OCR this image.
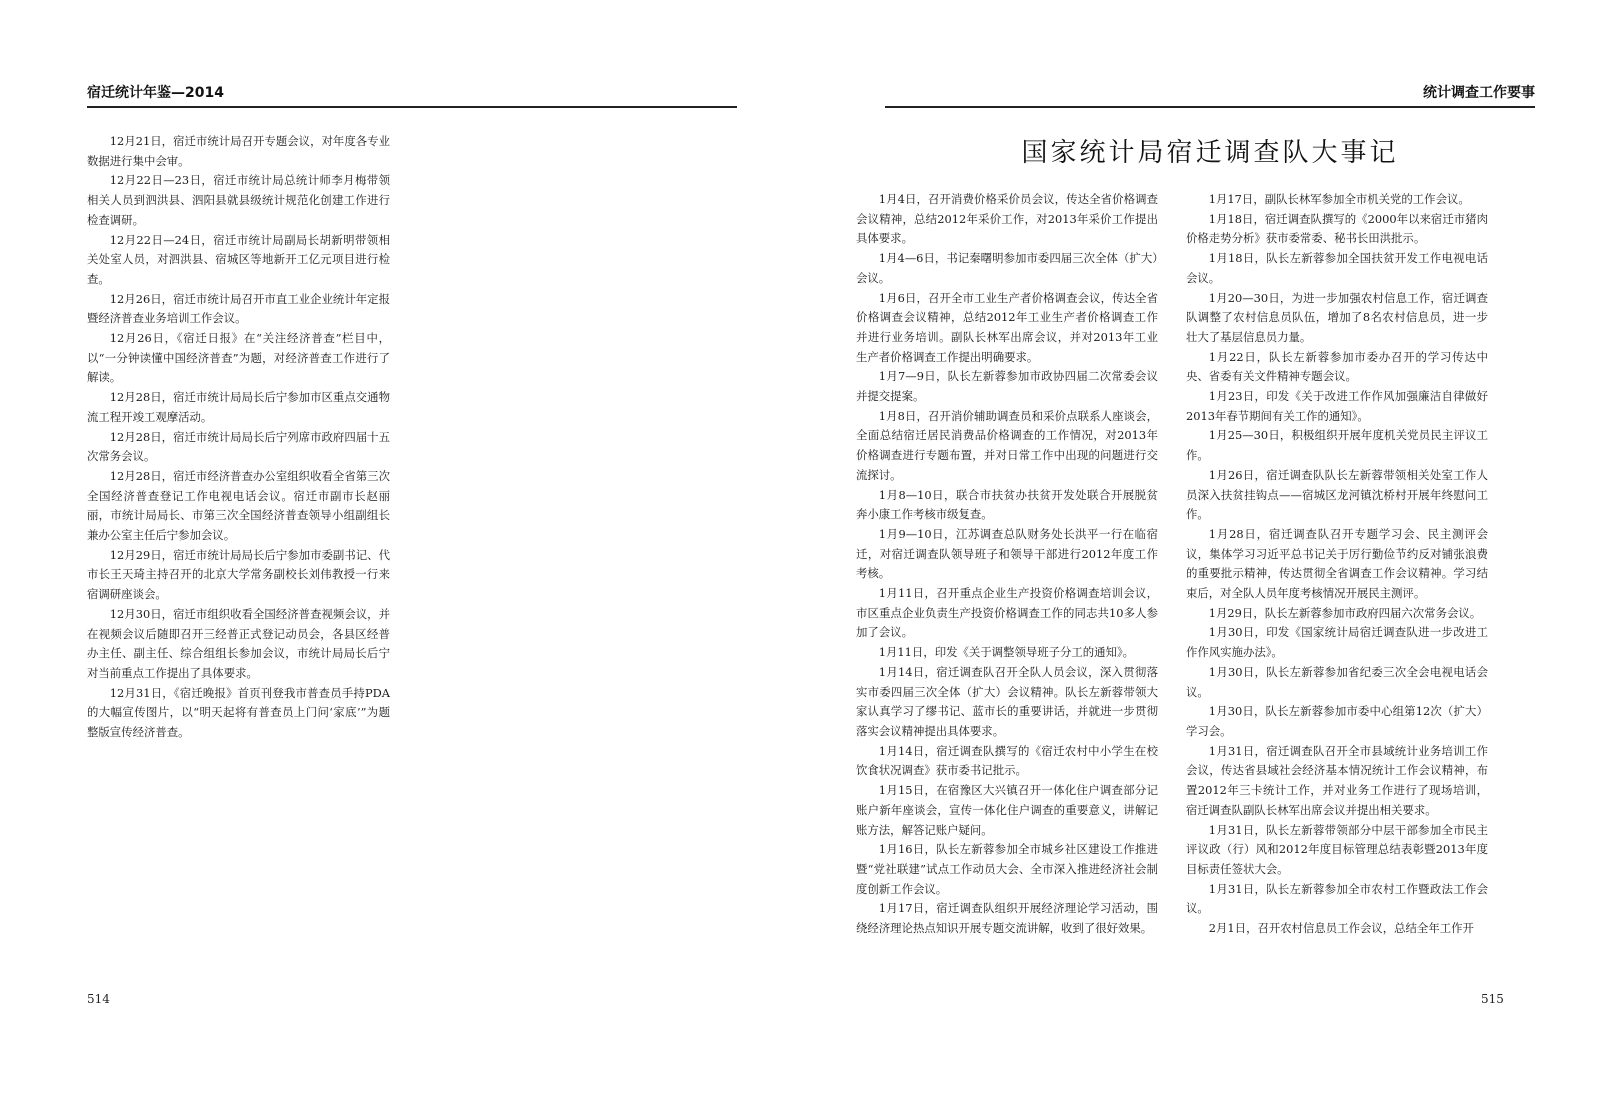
宿迁统计年鉴—2014

12月21日，宿迁市统计局召开专题会议，对年度各专业数据进行集中会审。

12月22日—23日，宿迁市统计局总统计师李月梅带领相关人员到泗洪县、泗阳县就县级统计规范化创建工作进行检查调研。

12月22日—24日，宿迁市统计局副局长胡新明带领相关处室人员，对泗洪县、宿城区等地新开工亿元项目进行检查。

12月26日，宿迁市统计局召开市直工业企业统计年定报暨经济普查业务培训工作会议。

12月26日，《宿迁日报》在“关注经济普查”栏目中，以“一分钟读懂中国经济普查”为题，对经济普查工作进行了解读。

12月28日，宿迁市统计局局长后宁参加市区重点交通物流工程开竣工观摩活动。

12月28日，宿迁市统计局局长后宁列席市政府四届十五次常务会议。

12月28日，宿迁市经济普查办公室组织收看全省第三次全国经济普查登记工作电视电话会议。宿迁市副市长赵丽丽，市统计局局长、市第三次全国经济普查领导小组副组长兼办公室主任后宁参加会议。

12月29日，宿迁市统计局局长后宁参加市委副书记、代市长王天琦主持召开的北京大学常务副校长刘伟教授一行来宿调研座谈会。

12月30日，宿迁市组织收看全国经济普查视频会议，并在视频会议后随即召开三经普正式登记动员会，各县区经普办主任、副主任、综合组组长参加会议，市统计局局长后宁对当前重点工作提出了具体要求。

12月31日，《宿迁晚报》首页刊登我市普查员手持PDA的大幅宣传图片，以“明天起将有普查员上门问‘家底’”为题整版宣传经济普查。

514
统计调查工作要事
国家统计局宿迁调查队大事记

1月4日，召开消费价格采价员会议，传达全省价格调查会议精神，总结2012年采价工作，对2013年采价工作提出具体要求。

1月4—6日，书记秦曙明参加市委四届三次全体（扩大）会议。

1月6日，召开全市工业生产者价格调查会议，传达全省价格调查会议精神，总结2012年工业生产者价格调查工作并进行业务培训。副队长林军出席会议，并对2013年工业生产者价格调查工作提出明确要求。

1月7—9日，队长左新蓉参加市政协四届二次常委会议并提交提案。

1月8日，召开消价辅助调查员和采价点联系人座谈会，全面总结宿迁居民消费品价格调查的工作情况，对2013年价格调查进行专题布置，并对日常工作中出现的问题进行交流探讨。

1月8—10日，联合市扶贫办扶贫开发处联合开展脱贫奔小康工作考核市级复查。

1月9—10日，江苏调查总队财务处长洪平一行在临宿迁，对宿迁调查队领导班子和领导干部进行2012年度工作考核。

1月11日，召开重点企业生产投资价格调查培训会议，市区重点企业负责生产投资价格调查工作的同志共10多人参加了会议。

1月11日，印发《关于调整领导班子分工的通知》。

1月14日，宿迁调查队召开全队人员会议，深入贯彻落实市委四届三次全体（扩大）会议精神。队长左新蓉带领大家认真学习了缪书记、蓝市长的重要讲话，并就进一步贯彻落实会议精神提出具体要求。

1月14日，宿迁调查队撰写的《宿迁农村中小学生在校饮食状况调查》获市委书记批示。

1月15日，在宿豫区大兴镇召开一体化住户调查部分记账户新年座谈会，宣传一体化住户调查的重要意义，讲解记账方法，解答记账户疑问。

1月16日，队长左新蓉参加全市城乡社区建设工作推进暨“党社联建”试点工作动员大会、全市深入推进经济社会制度创新工作会议。

1月17日，宿迁调查队组织开展经济理论学习活动，围绕经济理论热点知识开展专题交流讲解，收到了很好效果。

1月17日，副队长林军参加全市机关党的工作会议。

1月18日，宿迁调查队撰写的《2000年以来宿迁市猪肉价格走势分析》获市委常委、秘书长田洪批示。

1月18日，队长左新蓉参加全国扶贫开发工作电视电话会议。

1月20—30日，为进一步加强农村信息工作，宿迁调查队调整了农村信息员队伍，增加了8名农村信息员，进一步壮大了基层信息员力量。

1月22日，队长左新蓉参加市委办召开的学习传达中央、省委有关文件精神专题会议。

1月23日，印发《关于改进工作作风加强廉洁自律做好2013年春节期间有关工作的通知》。

1月25—30日，积极组织开展年度机关党员民主评议工作。

1月26日，宿迁调查队队长左新蓉带领相关处室工作人员深入扶贫挂钩点——宿城区龙河镇沈桥村开展年终慰问工作。

1月28日，宿迁调查队召开专题学习会、民主测评会议，集体学习习近平总书记关于厉行勤俭节约反对铺张浪费的重要批示精神，传达贯彻全省调查工作会议精神。学习结束后，对全队人员年度考核情况开展民主测评。

1月29日，队长左新蓉参加市政府四届六次常务会议。

1月30日，印发《国家统计局宿迁调查队进一步改进工作作风实施办法》。

1月30日，队长左新蓉参加省纪委三次全会电视电话会议。

1月30日，队长左新蓉参加市委中心组第12次（扩大）学习会。

1月31日，宿迁调查队召开全市县域统计业务培训工作会议，传达省县域社会经济基本情况统计工作会议精神，布置2012年三卡统计工作，并对业务工作进行了现场培训，宿迁调查队副队长林军出席会议并提出相关要求。

1月31日，队长左新蓉带领部分中层干部参加全市民主评议政（行）风和2012年度目标管理总结表彰暨2013年度目标责任签状大会。

1月31日，队长左新蓉参加全市农村工作暨政法工作会议。

2月1日，召开农村信息员工作会议，总结全年工作开

515
